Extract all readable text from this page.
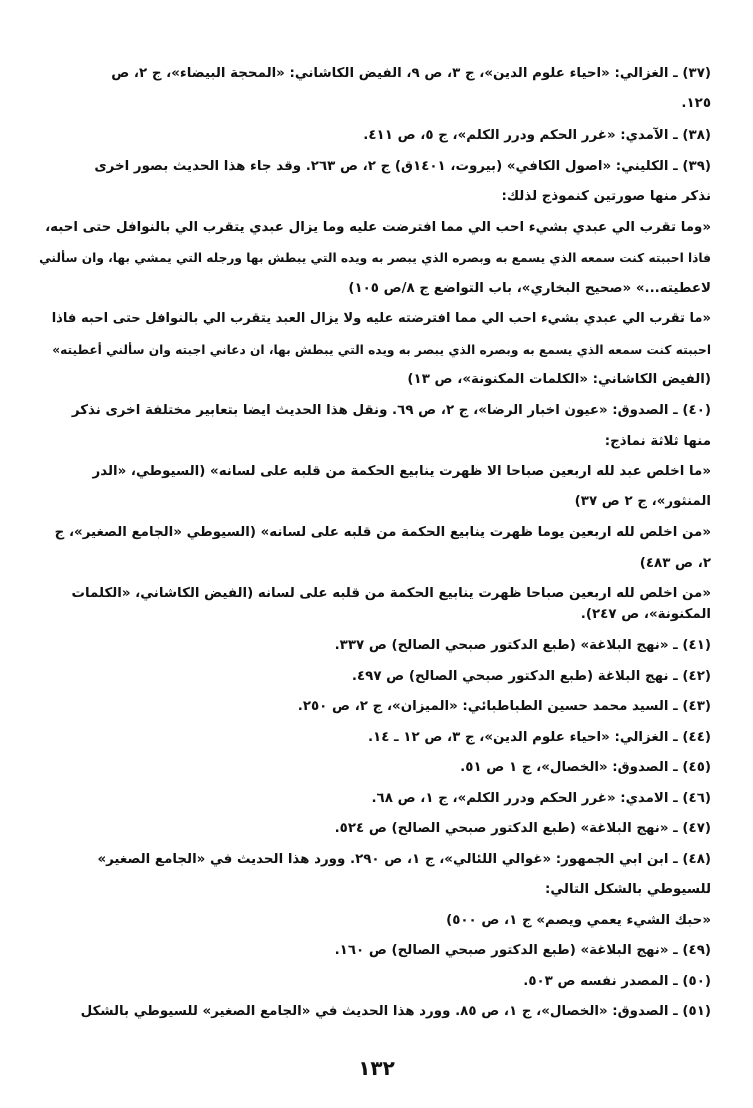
(٣٧) ـ الغزالي: «احياء علوم الدين»، ج ٣، ص ٩، الفيض الكاشاني: «المحجة البيضاء»، ج ٢، ص
١٢٥.
(٣٨) ـ الآمدي: «غرر الحكم ودرر الكلم»، ج ٥، ص ٤١١.
(٣٩) ـ الكليني: «اصول الكافي» (بيروت، ١٤٠١ق) ج ٢، ص ٢٦٣. وقد جاء هذا الحديث بصور اخرى
نذكر منها صورتين كنموذج لذلك:
«وما تقرب الي عبدي بشيء احب الي مما افترضت عليه وما يزال عبدي يتقرب الي بالنوافل حتى احبه،
فاذا احببته كنت سمعه الذي يسمع به وبصره الذي يبصر به ويده التي يبطش بها ورجله التي يمشي بها، وان سألني
لاعطيته...» «صحيح البخاري»، باب التواضع ج ٨/ص ١٠٥)
«ما تقرب الي عبدي بشيء احب الي مما افترضته عليه ولا يزال العبد يتقرب الي بالنوافل حتى احبه فاذا
احببته كنت سمعه الذي يسمع به وبصره الذي يبصر به ويده التي يبطش بها، ان دعاني اجبته وان سألني أعطيته»
(الفيض الكاشاني: «الكلمات المكنونة»، ص ١٣)
(٤٠) ـ الصدوق: «عيون اخبار الرضا»، ج ٢، ص ٦٩. ونقل هذا الحديث ايضا بتعابير مختلفة اخرى نذكر
منها ثلاثة نماذج:
«ما اخلص عبد لله اربعين صباحا الا ظهرت ينابيع الحكمة من قلبه على لسانه» (السيوطي، «الدر
المنثور»، ج ٢ ص ٣٧)
«من اخلص لله اربعين يوما ظهرت ينابيع الحكمة من قلبه على لسانه» (السيوطي «الجامع الصغير»، ج
٢، ص ٤٨٣)
«من اخلص لله اربعين صباحا ظهرت ينابيع الحكمة من قلبه على لسانه (الفيض الكاشاني، «الكلمات
المكنونة»، ص ٢٤٧).
(٤١) ـ «نهج البلاغة» (طبع الدكتور صبحي الصالح) ص ٣٣٧.
(٤٢) ـ نهج البلاغة (طبع الدكتور صبحي الصالح) ص ٤٩٧.
(٤٣) ـ السيد محمد حسين الطباطبائي: «الميزان»، ج ٢، ص ٢٥٠.
(٤٤) ـ الغزالي: «احياء علوم الدين»، ج ٣، ص ١٢ ـ ١٤.
(٤٥) ـ الصدوق: «الخصال»، ج ١ ص ٥١.
(٤٦) ـ الامدي: «غرر الحكم ودرر الكلم»، ج ١، ص ٦٨.
(٤٧) ـ «نهج البلاغة» (طبع الدكتور صبحي الصالح) ص ٥٢٤.
(٤٨) ـ ابن ابي الجمهور: «غوالي اللئالي»، ج ١، ص ٢٩٠. وورد هذا الحديث في «الجامع الصغير»
للسيوطي بالشكل التالي:
«حبك الشيء يعمي ويصم» ج ١، ص ٥٠٠)
(٤٩) ـ «نهج البلاغة» (طبع الدكتور صبحي الصالح) ص ١٦٠.
(٥٠) ـ المصدر نفسه ص ٥٠٣.
(٥١) ـ الصدوق: «الخصال»، ج ١، ص ٨٥. وورد هذا الحديث في «الجامع الصغير» للسيوطي بالشكل
١٣٢
